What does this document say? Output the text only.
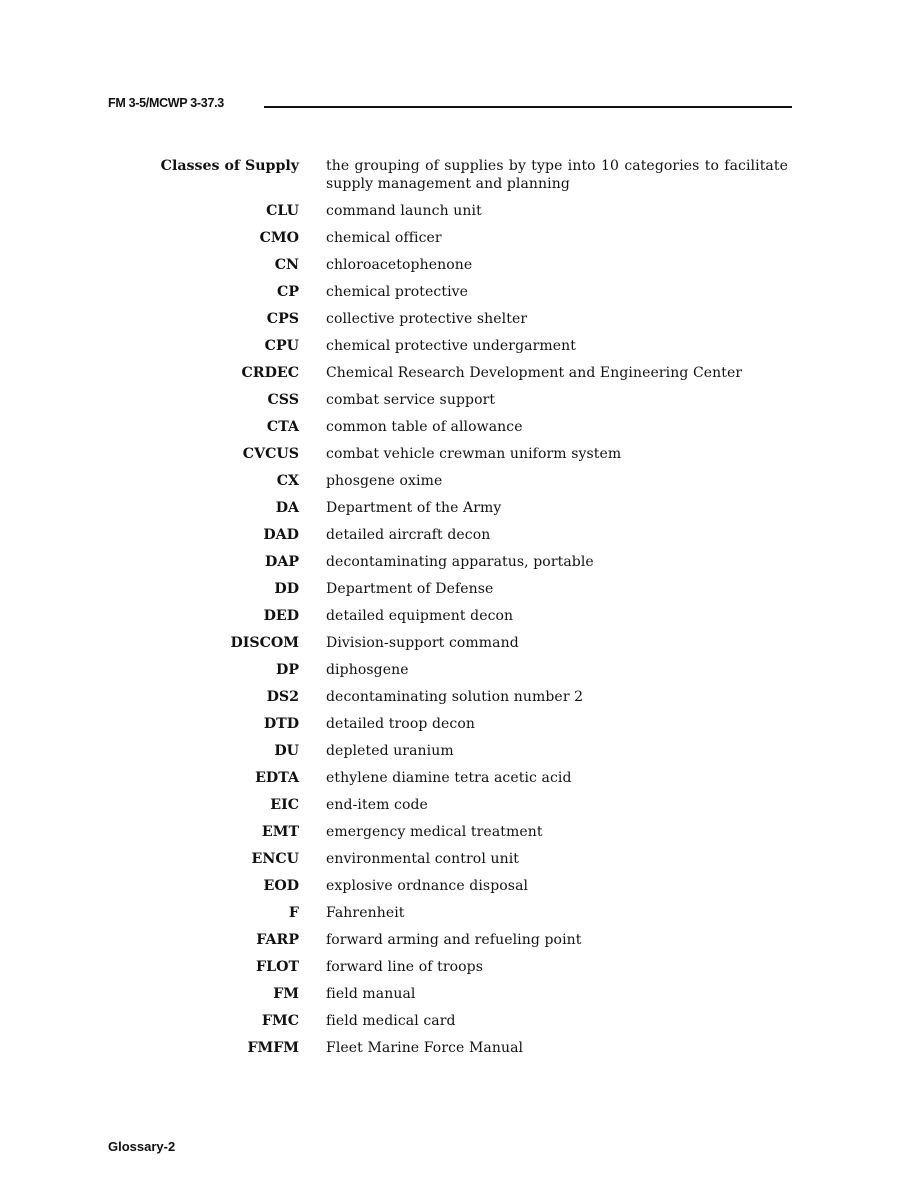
FM 3-5/MCWP 3-37.3
Classes of Supply the grouping of supplies by type into 10 categories to facilitate supply management and planning
CLU command launch unit
CMO chemical officer
CN chloroacetophenone
CP chemical protective
CPS collective protective shelter
CPU chemical protective undergarment
CRDEC Chemical Research Development and Engineering Center
CSS combat service support
CTA common table of allowance
CVCUS combat vehicle crewman uniform system
CX phosgene oxime
DA Department of the Army
DAD detailed aircraft decon
DAP decontaminating apparatus, portable
DD Department of Defense
DED detailed equipment decon
DISCOM Division-support command
DP diphosgene
DS2 decontaminating solution number 2
DTD detailed troop decon
DU depleted uranium
EDTA ethylene diamine tetra acetic acid
EIC end-item code
EMT emergency medical treatment
ENCU environmental control unit
EOD explosive ordnance disposal
F Fahrenheit
FARP forward arming and refueling point
FLOT forward line of troops
FM field manual
FMC field medical card
FMFM Fleet Marine Force Manual
Glossary-2
